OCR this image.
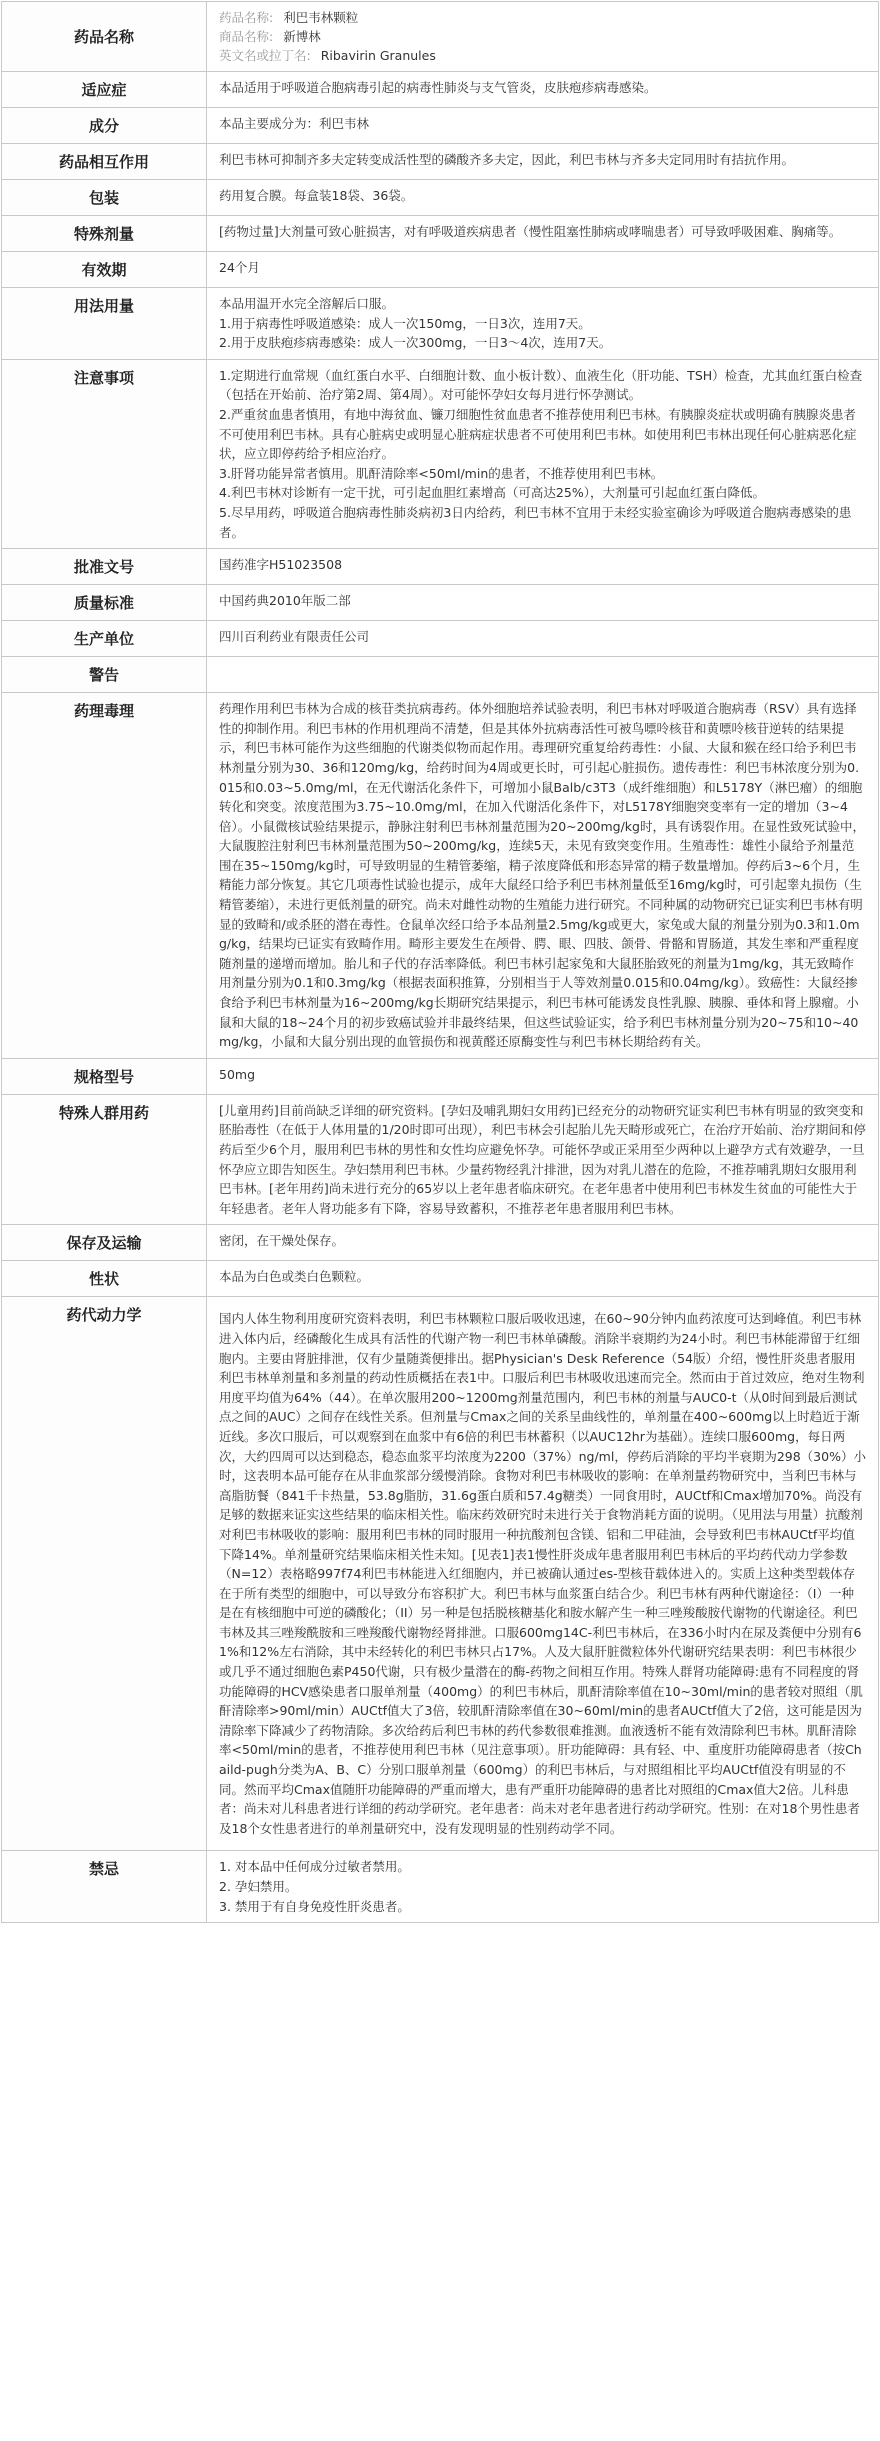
药品名称	药品名称: 利巴韦林颗粒
商品名称: 新博林
英文名或拉丁名: Ribavirin Granules

适应症	本品适用于呼吸道合胞病毒引起的病毒性肺炎与支气管炎，皮肤疱疹病毒感染。
成分	本品主要成分为：利巴韦林
药品相互作用	利巴韦林可抑制齐多夫定转变成活性型的磷酸齐多夫定，因此，利巴韦林与齐多夫定同用时有拮抗作用。
包装	药用复合膜。每盒装18袋、36袋。
特殊剂量	[药物过量]大剂量可致心脏损害，对有呼吸道疾病患者（慢性阻塞性肺病或哮喘患者）可导致呼吸困难、胸痛等。
有效期	24个月
用法用量	本品用温开水完全溶解后口服。
1.用于病毒性呼吸道感染：成人一次150mg，一日3次，连用7天。
2.用于皮肤疱疹病毒感染：成人一次300mg，一日3～4次，连用7天。
注意事项	1.定期进行血常规（血红蛋白水平、白细胞计数、血小板计数）、血液生化（肝功能、TSH）检查，尤其血红蛋白检查（包括在开始前、治疗第2周、第4周）。对可能怀孕妇女每月进行怀孕测试。
2.严重贫血患者慎用，有地中海贫血、镰刀细胞性贫血患者不推荐使用利巴韦林。有胰腺炎症状或明确有胰腺炎患者不可使用利巴韦林。具有心脏病史或明显心脏病症状患者不可使用利巴韦林。如使用利巴韦林出现任何心脏病恶化症状，应立即停药给予相应治疗。
3.肝肾功能异常者慎用。肌酐清除率<50ml/min的患者，不推荐使用利巴韦林。
4.利巴韦林对诊断有一定干扰，可引起血胆红素增高（可高达25%），大剂量可引起血红蛋白降低。
5.尽早用药，呼吸道合胞病毒性肺炎病初3日内给药，利巴韦林不宜用于未经实验室确诊为呼吸道合胞病毒感染的患者。
批准文号	国药准字H51023508
质量标准	中国药典2010年版二部
生产单位	四川百利药业有限责任公司
警告	
药理毒理	药理作用利巴韦林为合成的核苷类抗病毒药。体外细胞培养试验表明，利巴韦林对呼吸道合胞病毒（RSV）具有选择性的抑制作用。利巴韦林的作用机理尚不清楚，但是其体外抗病毒活性可被鸟嘌呤核苷和黄嘌呤核苷逆转的结果提示，利巴韦林可能作为这些细胞的代谢类似物而起作用。毒理研究重复给药毒性：小鼠、大鼠和猴在经口给予利巴韦林剂量分别为30、36和120mg/kg，给药时间为4周或更长时，可引起心脏损伤。遗传毒性：利巴韦林浓度分别为0.015和0.03~5.0mg/ml，在无代谢活化条件下，可增加小鼠Balb/c3T3（成纤维细胞）和L5178Y（淋巴瘤）的细胞转化和突变。浓度范围为3.75~10.0mg/ml，在加入代谢活化条件下，对L5178Y细胞突变率有一定的增加（3~4倍）。小鼠微核试验结果提示，静脉注射利巴韦林剂量范围为20~200mg/kg时，具有诱裂作用。在显性致死试验中，大鼠腹腔注射利巴韦林剂量范围为50~200mg/kg，连续5天，未见有致突变作用。生殖毒性：雄性小鼠给予剂量范围在35~150mg/kg时，可导致明显的生精管萎缩，精子浓度降低和形态异常的精子数量增加。停药后3~6个月，生精能力部分恢复。其它几项毒性试验也提示，成年大鼠经口给予利巴韦林剂量低至16mg/kg时，可引起睾丸损伤（生精管萎缩），未进行更低剂量的研究。尚未对雌性动物的生殖能力进行研究。不同种属的动物研究已证实利巴韦林有明显的致畸和/或杀胚的潜在毒性。仓鼠单次经口给予本品剂量2.5mg/kg或更大，家兔或大鼠的剂量分别为0.3和1.0mg/kg，结果均已证实有致畸作用。畸形主要发生在颅骨、腭、眼、四肢、颌骨、骨骼和胃肠道，其发生率和严重程度随剂量的递增而增加。胎儿和子代的存活率降低。利巴韦林引起家兔和大鼠胚胎致死的剂量为1mg/kg，其无致畸作用剂量分别为0.1和0.3mg/kg（根据表面积推算，分别相当于人等效剂量0.015和0.04mg/kg）。致癌性：大鼠经掺食给予利巴韦林剂量为16~200mg/kg长期研究结果提示，利巴韦林可能诱发良性乳腺、胰腺、垂体和肾上腺瘤。小鼠和大鼠的18~24个月的初步致癌试验并非最终结果，但这些试验证实，给予利巴韦林剂量分别为20~75和10~40mg/kg，小鼠和大鼠分别出现的血管损伤和视黄醛还原酶变性与利巴韦林长期给药有关。
规格型号	50mg
特殊人群用药	[儿童用药]目前尚缺乏详细的研究资料。[孕妇及哺乳期妇女用药]已经充分的动物研究证实利巴韦林有明显的致突变和胚胎毒性（在低于人体用量的1/20时即可出现），利巴韦林会引起胎儿先天畸形或死亡，在治疗开始前、治疗期间和停药后至少6个月，服用利巴韦林的男性和女性均应避免怀孕。可能怀孕或正采用至少两种以上避孕方式有效避孕，一旦怀孕应立即告知医生。孕妇禁用利巴韦林。少量药物经乳汁排泄，因为对乳儿潜在的危险，不推荐哺乳期妇女服用利巴韦林。[老年用药]尚未进行充分的65岁以上老年患者临床研究。在老年患者中使用利巴韦林发生贫血的可能性大于年轻患者。老年人肾功能多有下降，容易导致蓄积，不推荐老年患者服用利巴韦林。
保存及运输	密闭，在干燥处保存。
性状	本品为白色或类白色颗粒。
药代动力学	国内人体生物利用度研究资料表明，利巴韦林颗粒口服后吸收迅速，在60~90分钟内血药浓度可达到峰值。利巴韦林进入体内后，经磷酸化生成具有活性的代谢产物一利巴韦林单磷酸。消除半衰期约为24小时。利巴韦林能滞留于红细胞内。主要由肾脏排泄，仅有少量随粪便排出。据Physician's Desk Reference（54版）介绍，慢性肝炎患者服用利巴韦林单剂量和多剂量的药动性质概括在表1中。口服后利巴韦林吸收迅速而完全。然而由于首过效应，绝对生物利用度平均值为64%（44）。在单次服用200~1200mg剂量范围内，利巴韦林的剂量与AUC0-t（从0时间到最后测试点之间的AUC）之间存在线性关系。但剂量与Cmax之间的关系呈曲线性的，单剂量在400~600mg以上时趋近于渐近线。多次口服后，可以观察到在血浆中有6倍的利巴韦林蓄积（以AUC12hr为基础）。连续口服600mg，每日两次，大约四周可以达到稳态，稳态血浆平均浓度为2200（37%）ng/ml，停药后消除的平均半衰期为298（30%）小时，这表明本品可能存在从非血浆部分缓慢消除。食物对利巴韦林吸收的影响：在单剂量药物研究中，当利巴韦林与高脂肪餐（841千卡热量，53.8g脂肪，31.6g蛋白质和57.4g糖类）一同食用时，AUCtf和Cmax增加70%。尚没有足够的数据来证实这些结果的临床相关性。临床药效研究时未进行关于食物消耗方面的说明。（见用法与用量）抗酸剂对利巴韦林吸收的影响：服用利巴韦林的同时服用一种抗酸剂包含镁、铝和二甲硅油，会导致利巴韦林AUCtf平均值下降14%。单剂量研究结果临床相关性未知。[见表1]表1慢性肝炎成年患者服用利巴韦林后的平均药代动力学参数（N=12）表格略997f74利巴韦林能进入红细胞内，并已被确认通过es-型核苷载体进入的。实质上这种类型载体存在于所有类型的细胞中，可以导致分布容积扩大。利巴韦林与血浆蛋白结合少。利巴韦林有两种代谢途径：（I）一种是在有核细胞中可逆的磷酸化；（II）另一种是包括脱核糖基化和胺水解产生一种三唑羧酸胺代谢物的代谢途径。利巴韦林及其三唑羧酰胺和三唑羧酸代谢物经肾排泄。口服600mg14C-利巴韦林后，在336小时内在尿及粪便中分别有61%和12%左右消除，其中未经转化的利巴韦林只占17%。人及大鼠肝脏微粒体外代谢研究结果表明：利巴韦林很少或几乎不通过细胞色素P450代谢，只有极少量潜在的酶-药物之间相互作用。特殊人群肾功能障碍:患有不同程度的肾功能障碍的HCV感染患者口服单剂量（400mg）的利巴韦林后，肌酐清除率值在10~30ml/min的患者较对照组（肌酐清除率>90ml/min）AUCtf值大了3倍，较肌酐清除率值在30~60ml/min的患者AUCtf值大了2倍，这可能是因为清除率下降减少了药物清除。多次给药后利巴韦林的药代参数很难推测。血液透析不能有效清除利巴韦林。肌酐清除率<50ml/min的患者，不推荐使用利巴韦林（见注意事项）。肝功能障碍：具有轻、中、重度肝功能障碍患者（按Chaild-pugh分类为A、B、C）分别口服单剂量（600mg）的利巴韦林后，与对照组相比平均AUCtf值没有明显的不同。然而平均Cmax值随肝功能障碍的严重而增大，患有严重肝功能障碍的患者比对照组的Cmax值大2倍。儿科患者：尚未对儿科患者进行详细的药动学研究。老年患者：尚未对老年患者进行药动学研究。性别：在对18个男性患者及18个女性患者进行的单剂量研究中，没有发现明显的性别药动学不同。
禁忌	1. 对本品中任何成分过敏者禁用。
2. 孕妇禁用。
3. 禁用于有自身免疫性肝炎患者。
